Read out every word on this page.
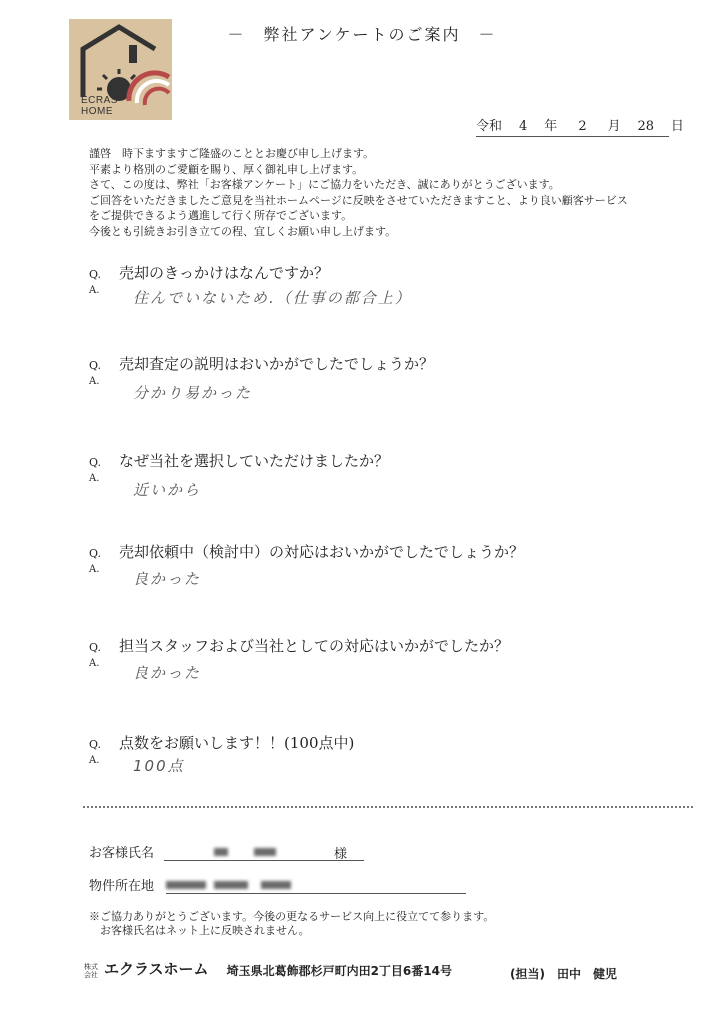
ECRAS
HOME
－　弊社アンケートのご案内　－
令和 4 年 2 月 28 日
謹啓　時下ますますご隆盛のこととお慶び申し上げます。
平素より格別のご愛顧を賜り、厚く御礼申し上げます。
さて、この度は、弊社「お客様アンケート」にご協力をいただき、誠にありがとうございます。
ご回答をいただきましたご意見を当社ホームページに反映をさせていただきますこと、より良い顧客サービス
をご提供できるよう邁進して行く所存でございます。
今後とも引続きお引き立ての程、宜しくお願い申し上げます。
Q.	売却のきっかけはなんですか？
A.	住んでいないため.（仕事の都合上）
Q.	売却査定の説明はおいかがでしたでしょうか？
A.
分かり易かった
Q.	なぜ当社を選択していただけましたか？
A.
近いから
Q.	売却依頼中（検討中）の対応はおいかがでしたでしょうか？
A.
良かった
Q.	担当スタッフおよび当社としての対応はいかがでしたか？
A.
良かった
Q.	点数をお願いします！！(100点中)
A.	100点
お客様氏名	様
物件所在地
※ご協力ありがとうございます。今後の更なるサービス向上に役立てて参ります。
　お客様氏名はネット上に反映されません。
株式
会社 エクラスホーム 埼玉県北葛飾郡杉戸町内田2丁目6番14号	(担当)　田中　健児
